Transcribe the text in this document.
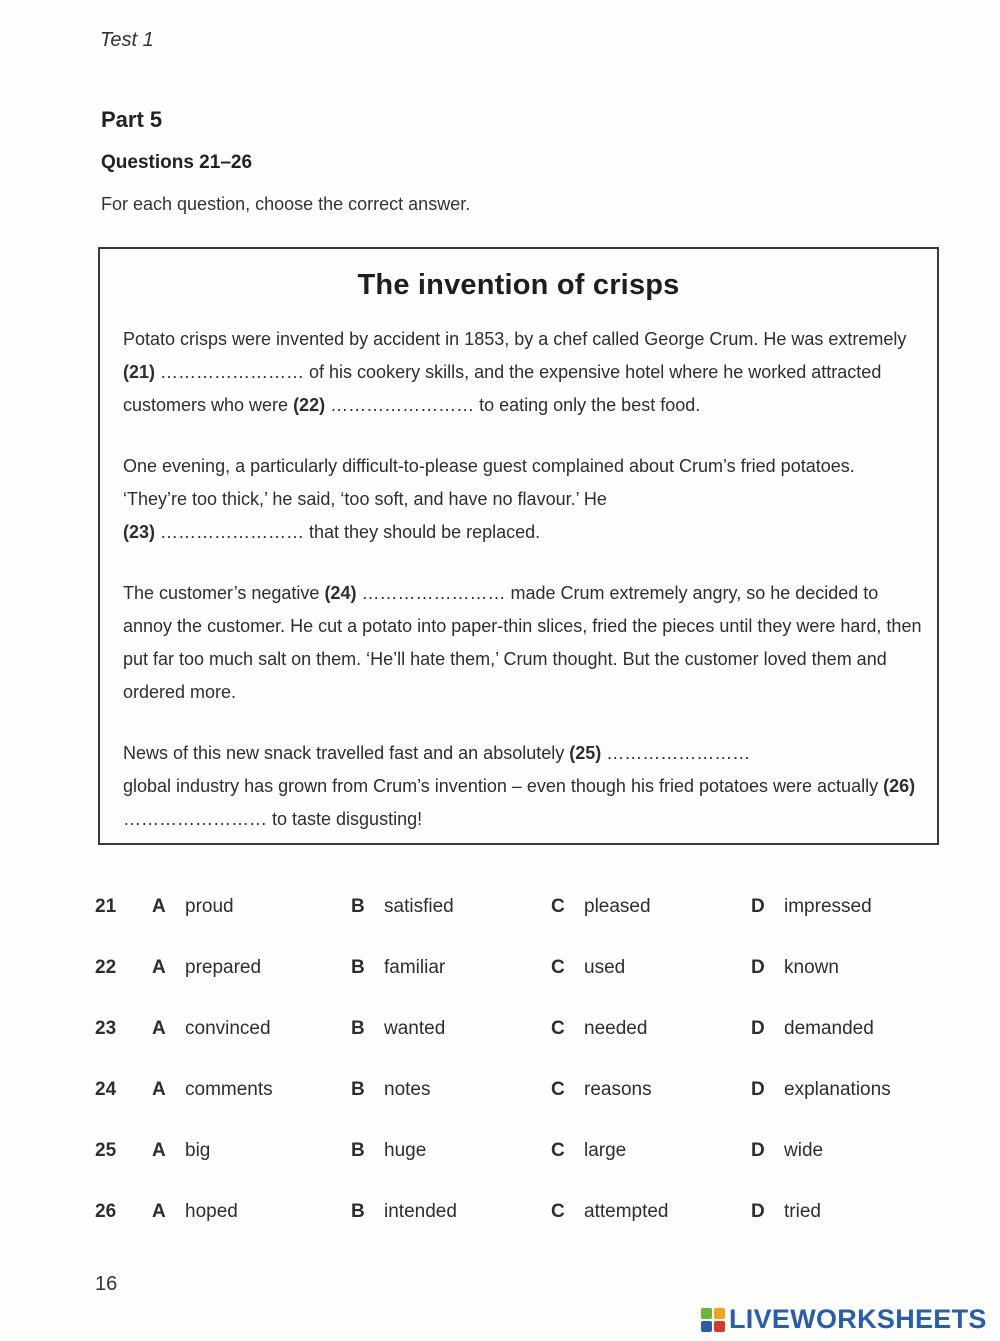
Test 1
Part 5
Questions 21–26
For each question, choose the correct answer.
The invention of crisps
Potato crisps were invented by accident in 1853, by a chef called George Crum. He was extremely (21) …………………… of his cookery skills, and the expensive hotel where he worked attracted customers who were (22) …………………… to eating only the best food.
One evening, a particularly difficult-to-please guest complained about Crum’s fried potatoes. ‘They’re too thick,’ he said, ‘too soft, and have no flavour.’ He
(23) …………………… that they should be replaced.
The customer’s negative (24) …………………… made Crum extremely angry, so he decided to annoy the customer. He cut a potato into paper-thin slices, fried the pieces until they were hard, then put far too much salt on them. ‘He’ll hate them,’ Crum thought. But the customer loved them and ordered more.
News of this new snack travelled fast and an absolutely (25) ……………………
global industry has grown from Crum’s invention – even though his fried potatoes were actually (26) …………………… to taste disgusting!
21 A proud	B satisfied	C pleased	D impressed
22 A prepared	B familiar	C used	D known
23 A convinced	B wanted	C needed	D demanded
24 A comments	B notes	C reasons	D explanations
25 A big	B huge	C large	D wide
26 A hoped	B intended	C attempted	D tried
16
LIVEWORKSHEETS
